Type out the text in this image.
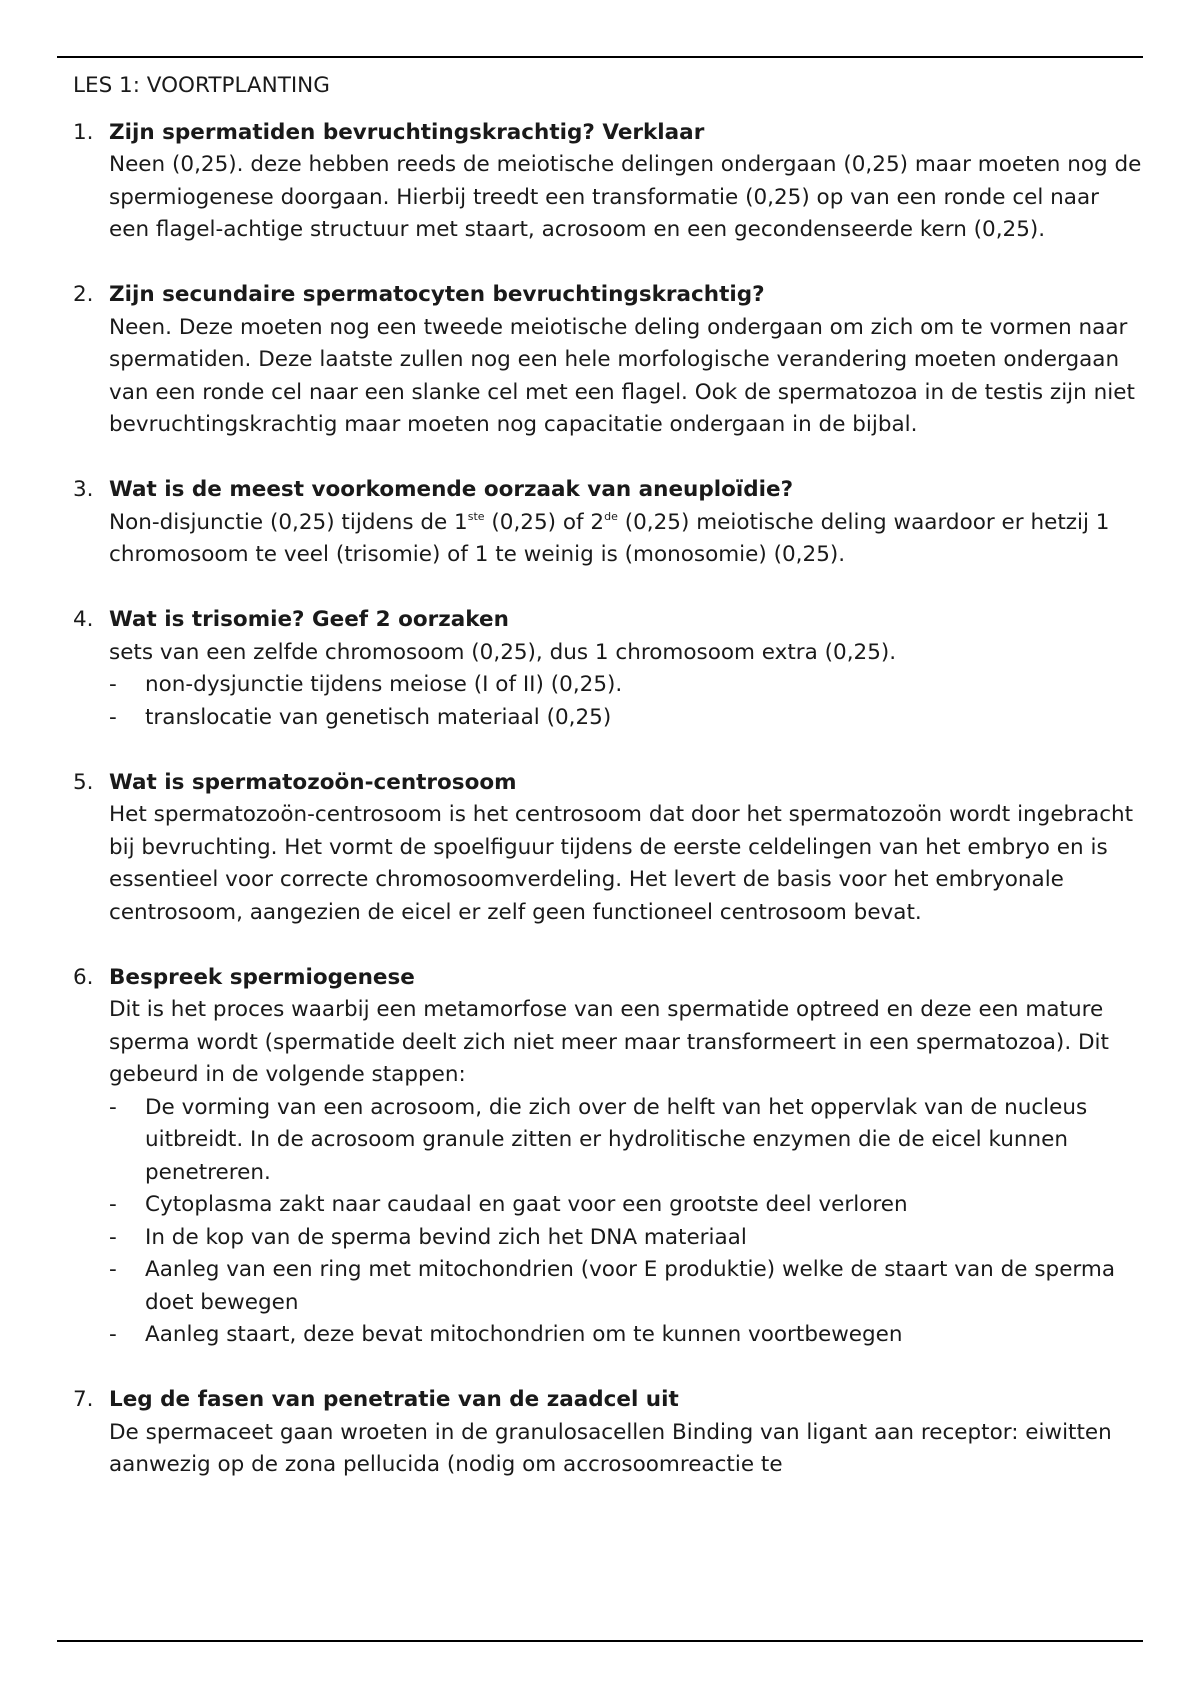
LES 1: VOORTPLANTING
1. Zijn spermatiden bevruchtingskrachtig? Verklaar
Neen (0,25). deze hebben reeds de meiotische delingen ondergaan (0,25) maar moeten nog de spermiogenese doorgaan. Hierbij treedt een transformatie (0,25) op van een ronde cel naar een flagel-achtige structuur met staart, acrosoom en een gecondenseerde kern (0,25).
2. Zijn secundaire spermatocyten bevruchtingskrachtig?
Neen. Deze moeten nog een tweede meiotische deling ondergaan om zich om te vormen naar spermatiden. Deze laatste zullen nog een hele morfologische verandering moeten ondergaan van een ronde cel naar een slanke cel met een flagel. Ook de spermatozoa in de testis zijn niet bevruchtingskrachtig maar moeten nog capacitatie ondergaan in de bijbal.
3. Wat is de meest voorkomende oorzaak van aneuploïdie?
Non-disjunctie (0,25) tijdens de 1ste (0,25) of 2de (0,25) meiotische deling waardoor er hetzij 1 chromosoom te veel (trisomie) of 1 te weinig is (monosomie) (0,25).
4. Wat is trisomie? Geef 2 oorzaken
sets van een zelfde chromosoom (0,25), dus 1 chromosoom extra (0,25).
-	non-dysjunctie tijdens meiose (I of II) (0,25).
-	translocatie van genetisch materiaal (0,25)
5. Wat is spermatozoön-centrosoom
Het spermatozoön-centrosoom is het centrosoom dat door het spermatozoön wordt ingebracht bij bevruchting. Het vormt de spoelfiguur tijdens de eerste celdelingen van het embryo en is essentieel voor correcte chromosoomverdeling. Het levert de basis voor het embryonale centrosoom, aangezien de eicel er zelf geen functioneel centrosoom bevat.
6. Bespreek spermiogenese
Dit is het proces waarbij een metamorfose van een spermatide optreed en deze een mature sperma wordt (spermatide deelt zich niet meer maar transformeert in een spermatozoa). Dit gebeurd in de volgende stappen:
-	De vorming van een acrosoom, die zich over de helft van het oppervlak van de nucleus uitbreidt. In de acrosoom granule zitten er hydrolitische enzymen die de eicel kunnen penetreren.
-	Cytoplasma zakt naar caudaal en gaat voor een grootste deel verloren
-	In de kop van de sperma bevind zich het DNA materiaal
-	Aanleg van een ring met mitochondrien (voor E produktie) welke de staart van de sperma doet bewegen
-	Aanleg staart, deze bevat mitochondrien om te kunnen voortbewegen
7. Leg de fasen van penetratie van de zaadcel uit
De spermaceet gaan wroeten in de granulosacellen Binding van ligant aan receptor: eiwitten aanwezig op de zona pellucida (nodig om accrosoomreactie te
